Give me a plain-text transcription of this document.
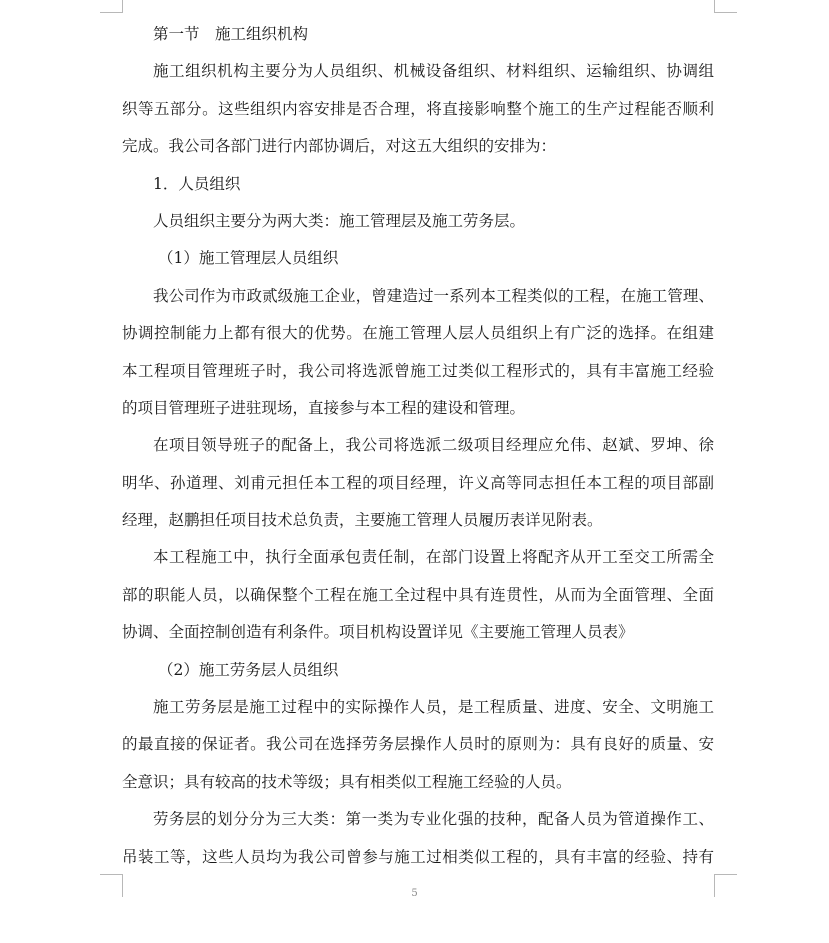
第一节　施工组织机构
施工组织机构主要分为人员组织、机械设备组织、材料组织、运输组织、协调组
织等五部分。这些组织内容安排是否合理，将直接影响整个施工的生产过程能否顺利
完成。我公司各部门进行内部协调后，对这五大组织的安排为：
1．人员组织
人员组织主要分为两大类：施工管理层及施工劳务层。
（1）施工管理层人员组织
我公司作为市政贰级施工企业，曾建造过一系列本工程类似的工程，在施工管理、
协调控制能力上都有很大的优势。在施工管理人层人员组织上有广泛的选择。在组建
本工程项目管理班子时，我公司将选派曾施工过类似工程形式的，具有丰富施工经验
的项目管理班子进驻现场，直接参与本工程的建设和管理。
在项目领导班子的配备上，我公司将选派二级项目经理应允伟、赵斌、罗坤、徐
明华、孙道理、刘甫元担任本工程的项目经理，许义高等同志担任本工程的项目部副
经理，赵鹏担任项目技术总负责，主要施工管理人员履历表详见附表。
本工程施工中，执行全面承包责任制，在部门设置上将配齐从开工至交工所需全
部的职能人员，以确保整个工程在施工全过程中具有连贯性，从而为全面管理、全面
协调、全面控制创造有利条件。项目机构设置详见《主要施工管理人员表》
（2）施工劳务层人员组织
施工劳务层是施工过程中的实际操作人员，是工程质量、进度、安全、文明施工
的最直接的保证者。我公司在选择劳务层操作人员时的原则为：具有良好的质量、安
全意识；具有较高的技术等级；具有相类似工程施工经验的人员。
劳务层的划分分为三大类：第一类为专业化强的技种，配备人员为管道操作工、
吊装工等，这些人员均为我公司曾参与施工过相类似工程的，具有丰富的经验、持有
5
